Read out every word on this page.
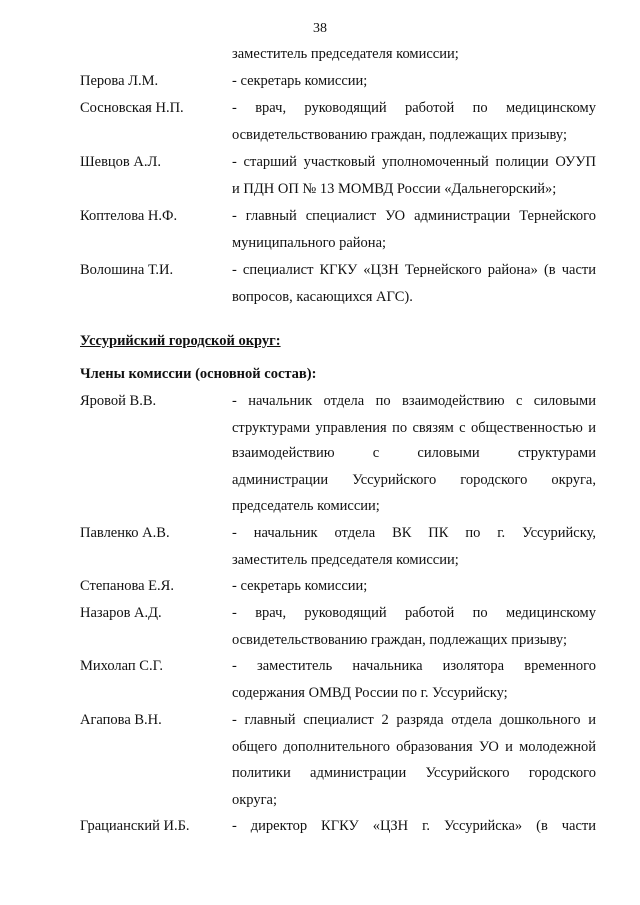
38
заместитель председателя комиссии;
Перова Л.М.	- секретарь комиссии;
Сосновская Н.П.	- врач, руководящий работой по медицинскому
освидетельствованию граждан, подлежащих призыву;
Шевцов А.Л.	- старший участковый уполномоченный полиции ОУУП
и ПДН ОП № 13 МОМВД России «Дальнегорский»;
Коптелова Н.Ф.	- главный специалист УО администрации Тернейского
муниципального района;
Волошина Т.И.	- специалист КГКУ «ЦЗН Тернейского района» (в части
вопросов, касающихся АГС).
Уссурийский городской округ:
Члены комиссии (основной состав):
Яровой В.В.	- начальник отдела по взаимодействию с силовыми
структурами управления по связям с общественностью и
взаимодействию с силовыми структурами
администрации Уссурийского городского округа,
председатель комиссии;
Павленко А.В.	- начальник отдела ВК ПК по г. Уссурийску,
заместитель председателя комиссии;
Степанова Е.Я.	- секретарь комиссии;
Назаров А.Д.	- врач, руководящий работой по медицинскому
освидетельствованию граждан, подлежащих призыву;
Михолап С.Г.	- заместитель начальника изолятора временного
содержания ОМВД России по г. Уссурийску;
Агапова В.Н.	- главный специалист 2 разряда отдела дошкольного и
общего дополнительного образования УО и молодежной
политики администрации Уссурийского городского
округа;
Грацианский И.Б.	- директор КГКУ «ЦЗН г. Уссурийска» (в части
